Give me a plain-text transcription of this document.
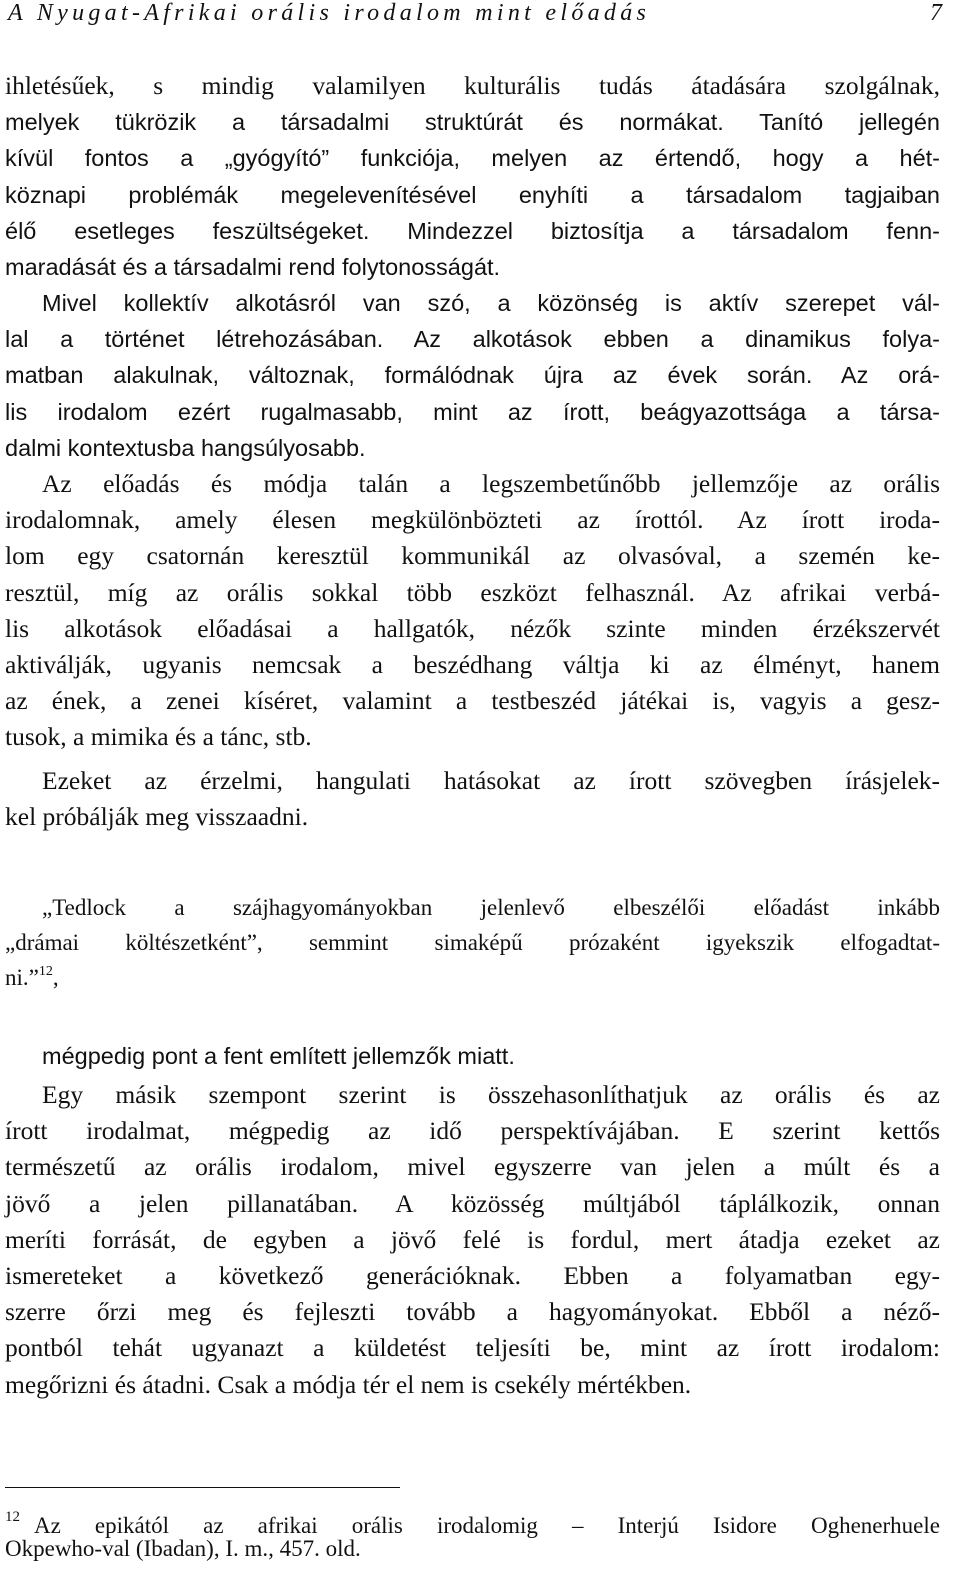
A Nyugat-Afrikai orális irodalom mint előadás	7
ihletésűek, s mindig valamilyen kulturális tudás átadására szolgálnak,
melyek tükrözik a társadalmi struktúrát és normákat. Tanító jellegén
kívül fontos a „gyógyító” funkciója, melyen az értendő, hogy a hét-
köznapi problémák megelevenítésével enyhíti a társadalom tagjaiban
élő esetleges feszültségeket. Mindezzel biztosítja a társadalom fenn-
maradását és a társadalmi rend folytonosságát.
Mivel kollektív alkotásról van szó, a közönség is aktív szerepet vál-
lal a történet létrehozásában. Az alkotások ebben a dinamikus folya-
matban alakulnak, változnak, formálódnak újra az évek során. Az orá-
lis irodalom ezért rugalmasabb, mint az írott, beágyazottsága a társa-
dalmi kontextusba hangsúlyosabb.
Az előadás és módja talán a legszembetűnőbb jellemzője az orális
irodalomnak, amely élesen megkülönbözteti az írottól. Az írott iroda-
lom egy csatornán keresztül kommunikál az olvasóval, a szemén ke-
resztül, míg az orális sokkal több eszközt felhasznál. Az afrikai verbá-
lis alkotások előadásai a hallgatók, nézők szinte minden érzékszervét
aktiválják, ugyanis nemcsak a beszédhang váltja ki az élményt, hanem
az ének, a zenei kíséret, valamint a testbeszéd játékai is, vagyis a gesz-
tusok, a mimika és a tánc, stb.
Ezeket az érzelmi, hangulati hatásokat az írott szövegben írásjelek-
kel próbálják meg visszaadni.
„Tedlock a szájhagyományokban jelenlevő elbeszélői előadást inkább
„drámai költészetként”, semmint simaképű prózaként igyekszik elfogadtat-
ni.”$^{12}$,
mégpedig pont a fent említett jellemzők miatt.
Egy másik szempont szerint is összehasonlíthatjuk az orális és az
írott irodalmat, mégpedig az idő perspektívájában. E szerint kettős
természetű az orális irodalom, mivel egyszerre van jelen a múlt és a
jövő a jelen pillanatában. A közösség múltjából táplálkozik, onnan
meríti forrását, de egyben a jövő felé is fordul, mert átadja ezeket az
ismereteket a következő generációknak. Ebben a folyamatban egy-
szerre őrzi meg és fejleszti tovább a hagyományokat. Ebből a néző-
pontból tehát ugyanazt a küldetést teljesíti be, mint az írott irodalom:
megőrizni és átadni. Csak a módja tér el nem is csekély mértékben.
12 Az epikától az afrikai orális irodalomig – Interjú Isidore Oghenerhuele
Okpewho-val (Ibadan), I. m., 457. old.
